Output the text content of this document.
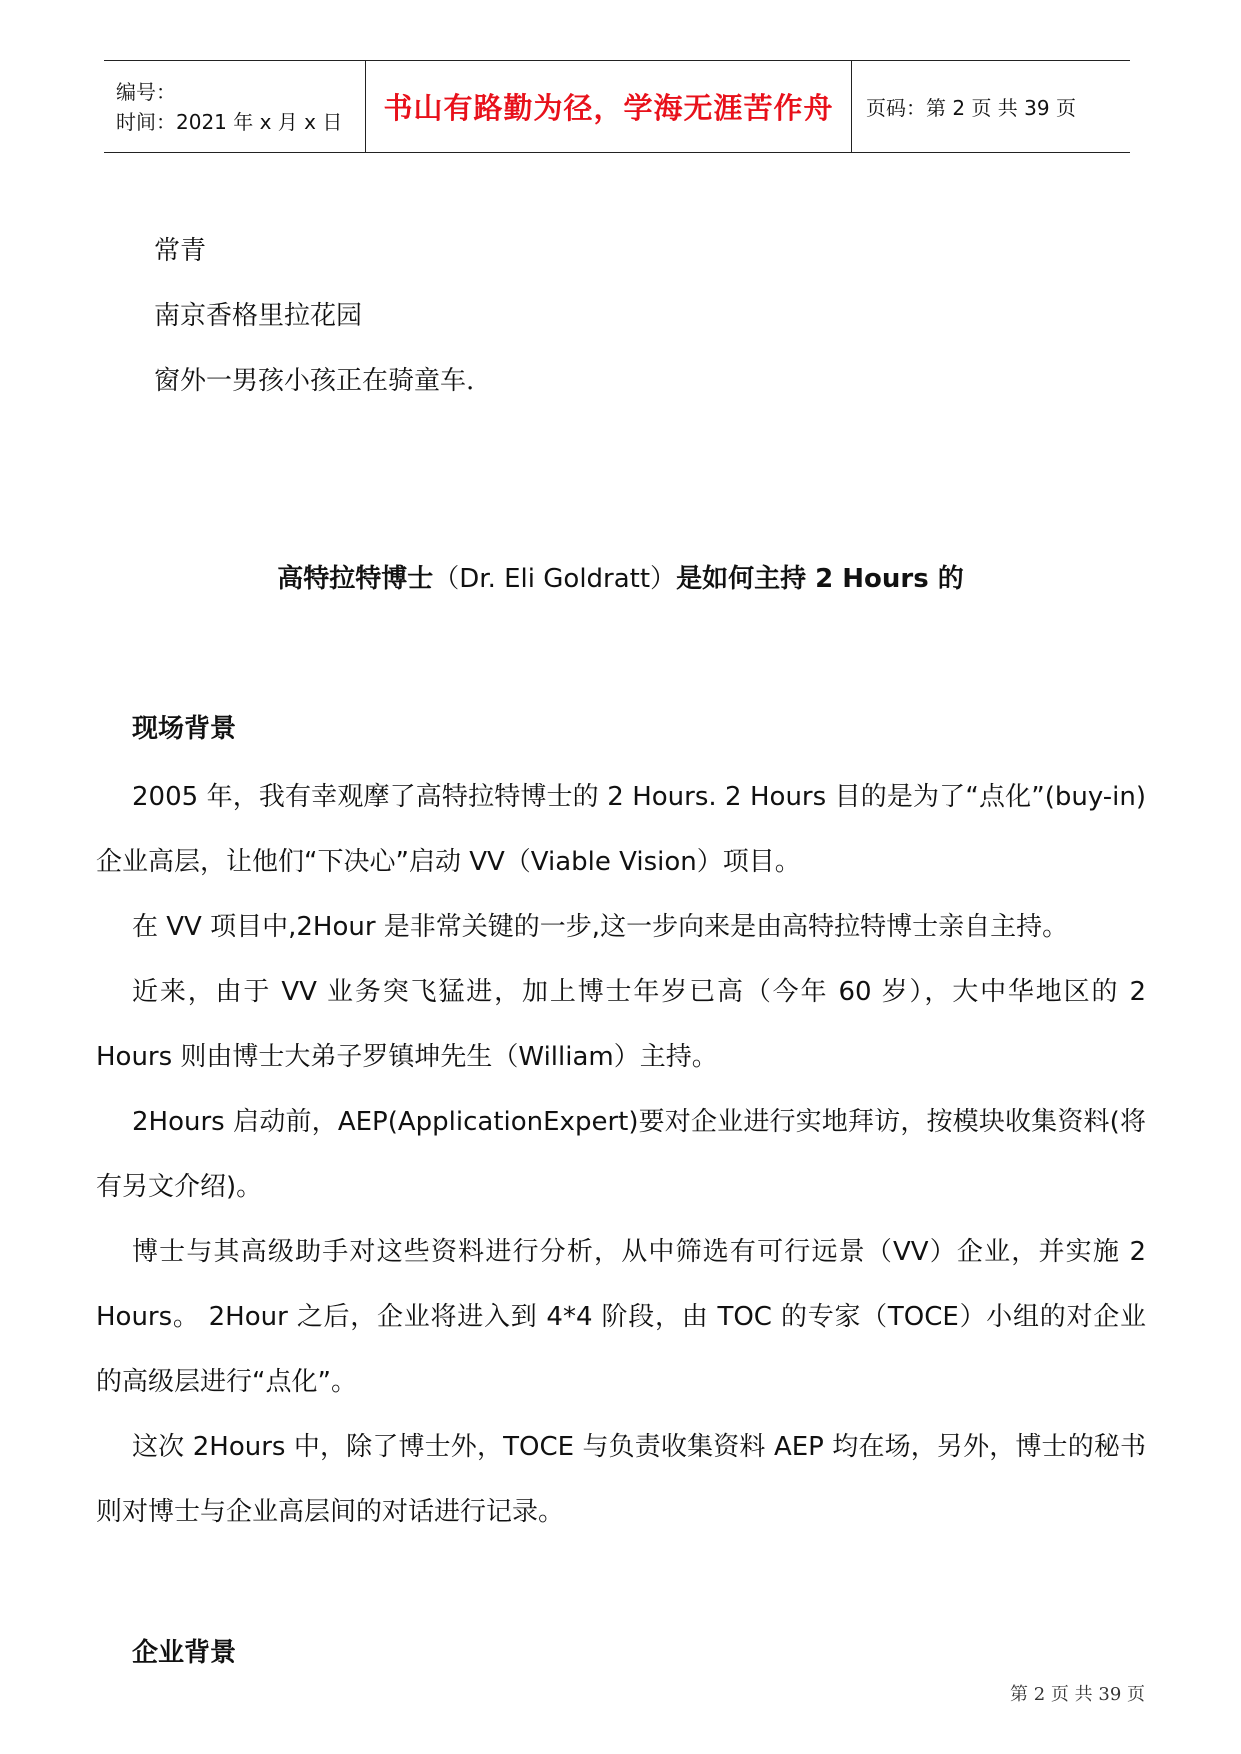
编号：
时间：2021 年 x 月 x 日	书山有路勤为径，学海无涯苦作舟 页码：第 2 页 共 39 页
常青
南京香格里拉花园
窗外一男孩小孩正在骑童车.
高特拉特博士（Dr. Eli Goldratt）是如何主持 2 Hours 的
现场背景

2005 年，我有幸观摩了高特拉特博士的 2 Hours. 2 Hours 目的是为了“点化”(buy-in)企业高层，让他们“下决心”启动 VV（Viable Vision）项目。

在 VV 项目中,2Hour 是非常关键的一步,这一步向来是由高特拉特博士亲自主持。

近来，由于 VV 业务突飞猛进，加上博士年岁已高（今年 60 岁），大中华地区的 2 Hours 则由博士大弟子罗镇坤先生（William）主持。

2Hours 启动前，AEP(ApplicationExpert)要对企业进行实地拜访，按模块收集资料(将有另文介绍)。

博士与其高级助手对这些资料进行分析，从中筛选有可行远景（VV）企业，并实施 2 Hours。 2Hour 之后，企业将进入到 4*4 阶段，由 TOC 的专家（TOCE）小组的对企业的高级层进行“点化”。

这次 2Hours 中，除了博士外，TOCE 与负责收集资料 AEP 均在场，另外，博士的秘书则对博士与企业高层间的对话进行记录。

企业背景
第 2 页 共 39 页
